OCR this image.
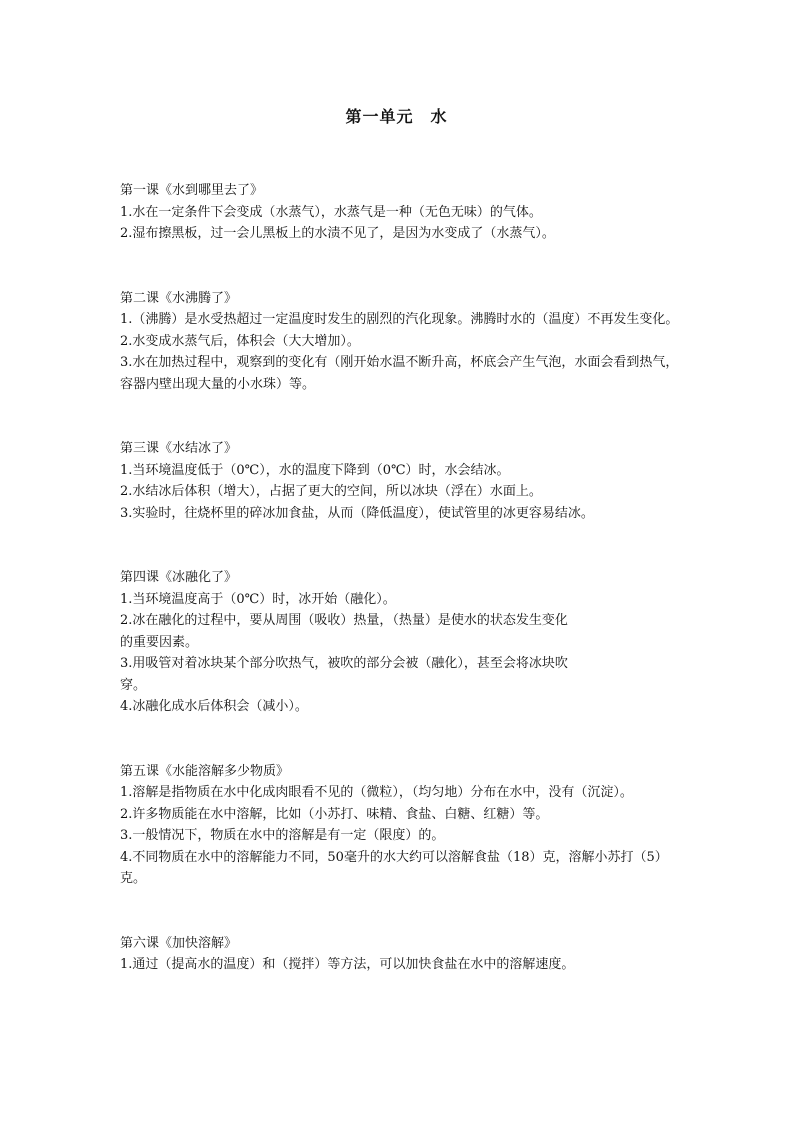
第一单元　水
第一课《水到哪里去了》
1.水在一定条件下会变成（水蒸气），水蒸气是一种（无色无味）的气体。
2.湿布擦黑板，过一会儿黑板上的水渍不见了，是因为水变成了（水蒸气）。
第二课《水沸腾了》
1.（沸腾）是水受热超过一定温度时发生的剧烈的汽化现象。沸腾时水的（温度）不再发生变化。
2.水变成水蒸气后，体积会（大大增加）。
3.水在加热过程中，观察到的变化有（刚开始水温不断升高，杯底会产生气泡，水面会看到热气，容器内壁出现大量的小水珠）等。
第三课《水结冰了》
1.当环境温度低于（0℃），水的温度下降到（0℃）时，水会结冰。
2.水结冰后体积（增大），占据了更大的空间，所以冰块（浮在）水面上。
3.实验时，往烧杯里的碎冰加食盐，从而（降低温度），使试管里的冰更容易结冰。
第四课《冰融化了》
1.当环境温度高于（0℃）时，冰开始（融化）。
2.冰在融化的过程中，要从周围（吸收）热量，（热量）是使水的状态发生变化的重要因素。
3.用吸管对着冰块某个部分吹热气，被吹的部分会被（融化），甚至会将冰块吹穿。
4.冰融化成水后体积会（减小）。
第五课《水能溶解多少物质》
1.溶解是指物质在水中化成肉眼看不见的（微粒），（均匀地）分布在水中，没有（沉淀）。
2.许多物质能在水中溶解，比如（小苏打、味精、食盐、白糖、红糖）等。
3.一般情况下，物质在水中的溶解是有一定（限度）的。
4.不同物质在水中的溶解能力不同，50毫升的水大约可以溶解食盐（18）克，溶解小苏打（5）克。
第六课《加快溶解》
1.通过（提高水的温度）和（搅拌）等方法，可以加快食盐在水中的溶解速度。
